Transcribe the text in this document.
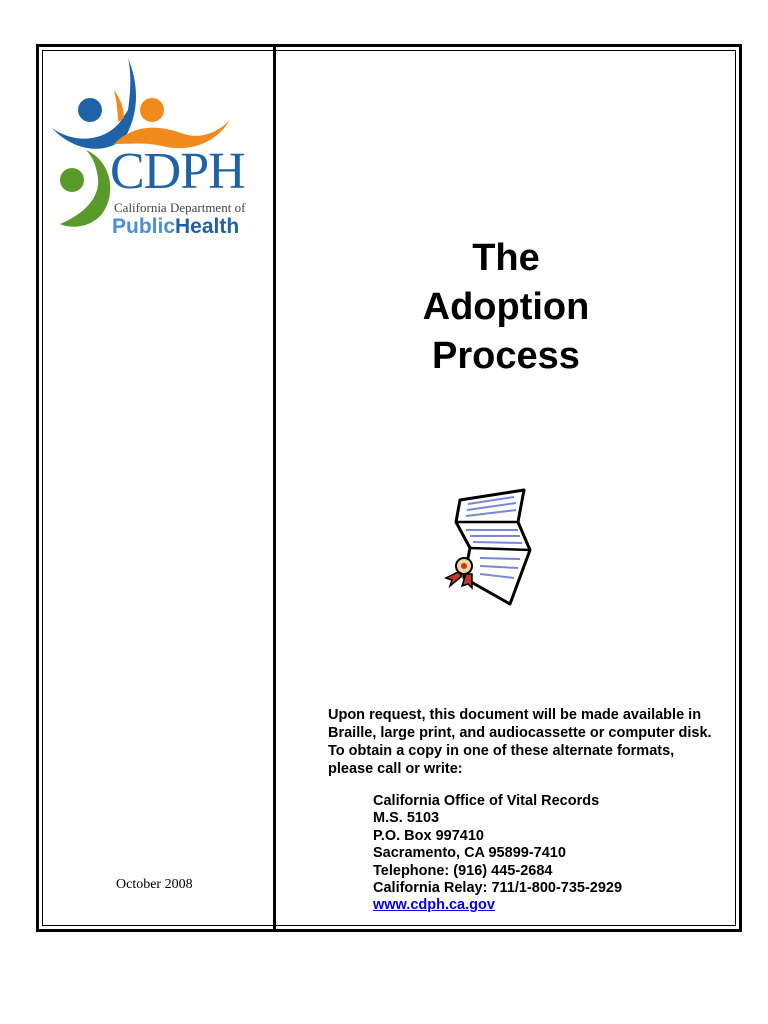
CDPH
California Department of
PublicHealth
The
Adoption
Process
Upon request, this document will be made available in Braille, large print, and audiocassette or computer disk. To obtain a copy in one of these alternate formats, please call or write:
California Office of Vital Records
M.S. 5103
P.O. Box 997410
Sacramento, CA 95899-7410
Telephone: (916) 445-2684
California Relay: 711/1-800-735-2929
www.cdph.ca.gov
October 2008
